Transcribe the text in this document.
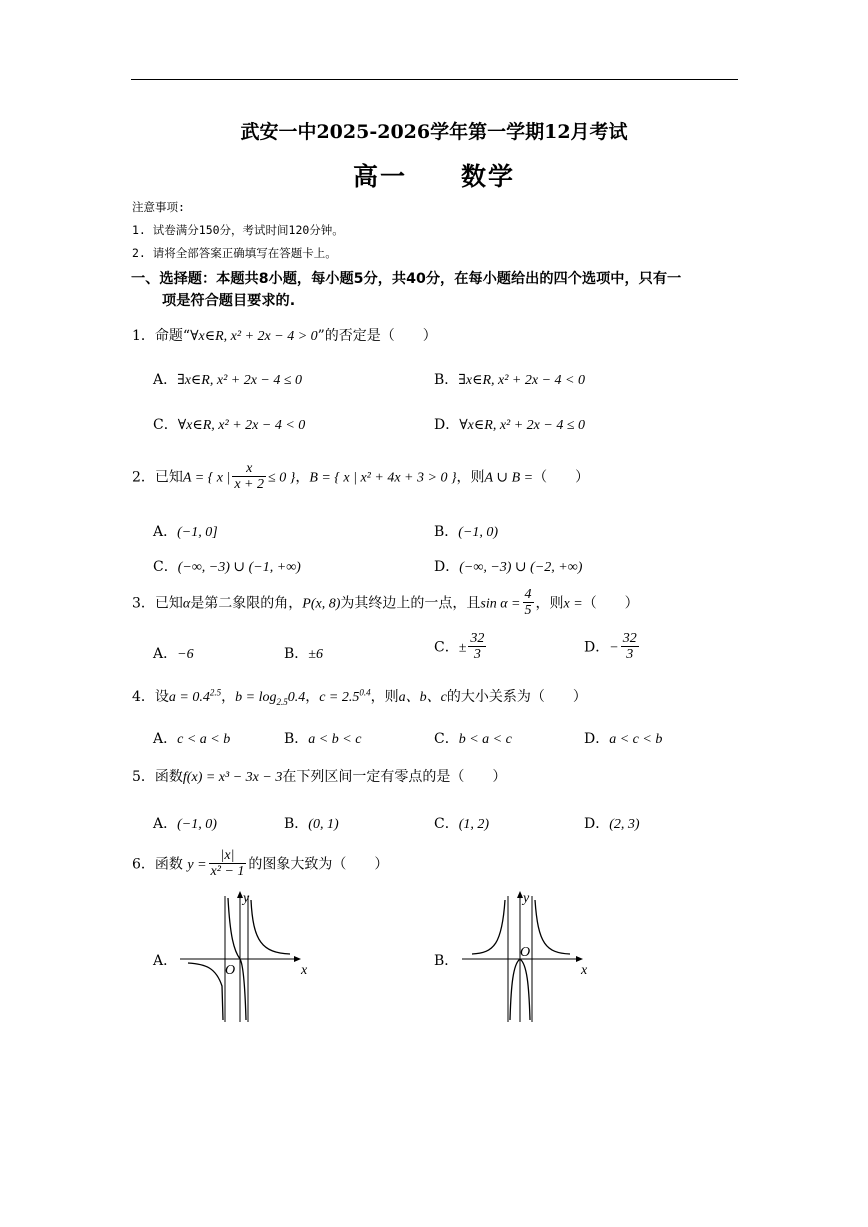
武安一中2025-2026学年第一学期12月考试
高一　　数学
注意事项:
1. 试卷满分150分，考试时间120分钟。
2. 请将全部答案正确填写在答题卡上。
一、选择题：本题共8小题，每小题5分，共40分，在每小题给出的四个选项中，只有一
项是符合题目要求的.
1．命题“∀x∈R, x² + 2x − 4 > 0”的否定是（　　）
A．∃x∈R, x² + 2x − 4 ≤ 0	B．∃x∈R, x² + 2x − 4 < 0
C．∀x∈R, x² + 2x − 4 < 0	D．∀x∈R, x² + 2x − 4 ≤ 0
2．已知A = { x | $\frac{x}{x + 2} \le 0$ }，B = { x | x² + 4x + 3 > 0 }，则A ∪ B =（　　）
A．(−1, 0]	B．(−1, 0)
C．(−∞, −3) ∪ (−1, +∞)	D．(−∞, −3) ∪ (−2, +∞)
3．已知α是第二象限的角，P(x, 8)为其终边上的一点，且$\sin \alpha = \frac{4}{5}$ ，则x =（　　）
A．−6	B．±6	C．± $\frac{32}{3}$	D．− $\frac{32}{3}$
4．设$a = 0.4^{2.5}$，$b = \log_{2.5}0.4$，$c = 2.5^{0.4}$，则a、b、c的大小关系为（　　）
A．c < a < b	B．a < b < c	C．b < a < c	D．a < c < b
5．函数f(x) = x³ − 3x − 3在下列区间一定有零点的是（　　）
A．(−1, 0)	B．(0, 1)	C．(1, 2)	D．(2, 3)
6．函数 $y = \frac{|x|}{\text{x² − 1}}$ 的图象大致为（　　）
A．
x
y
O
B．
x
y
O
